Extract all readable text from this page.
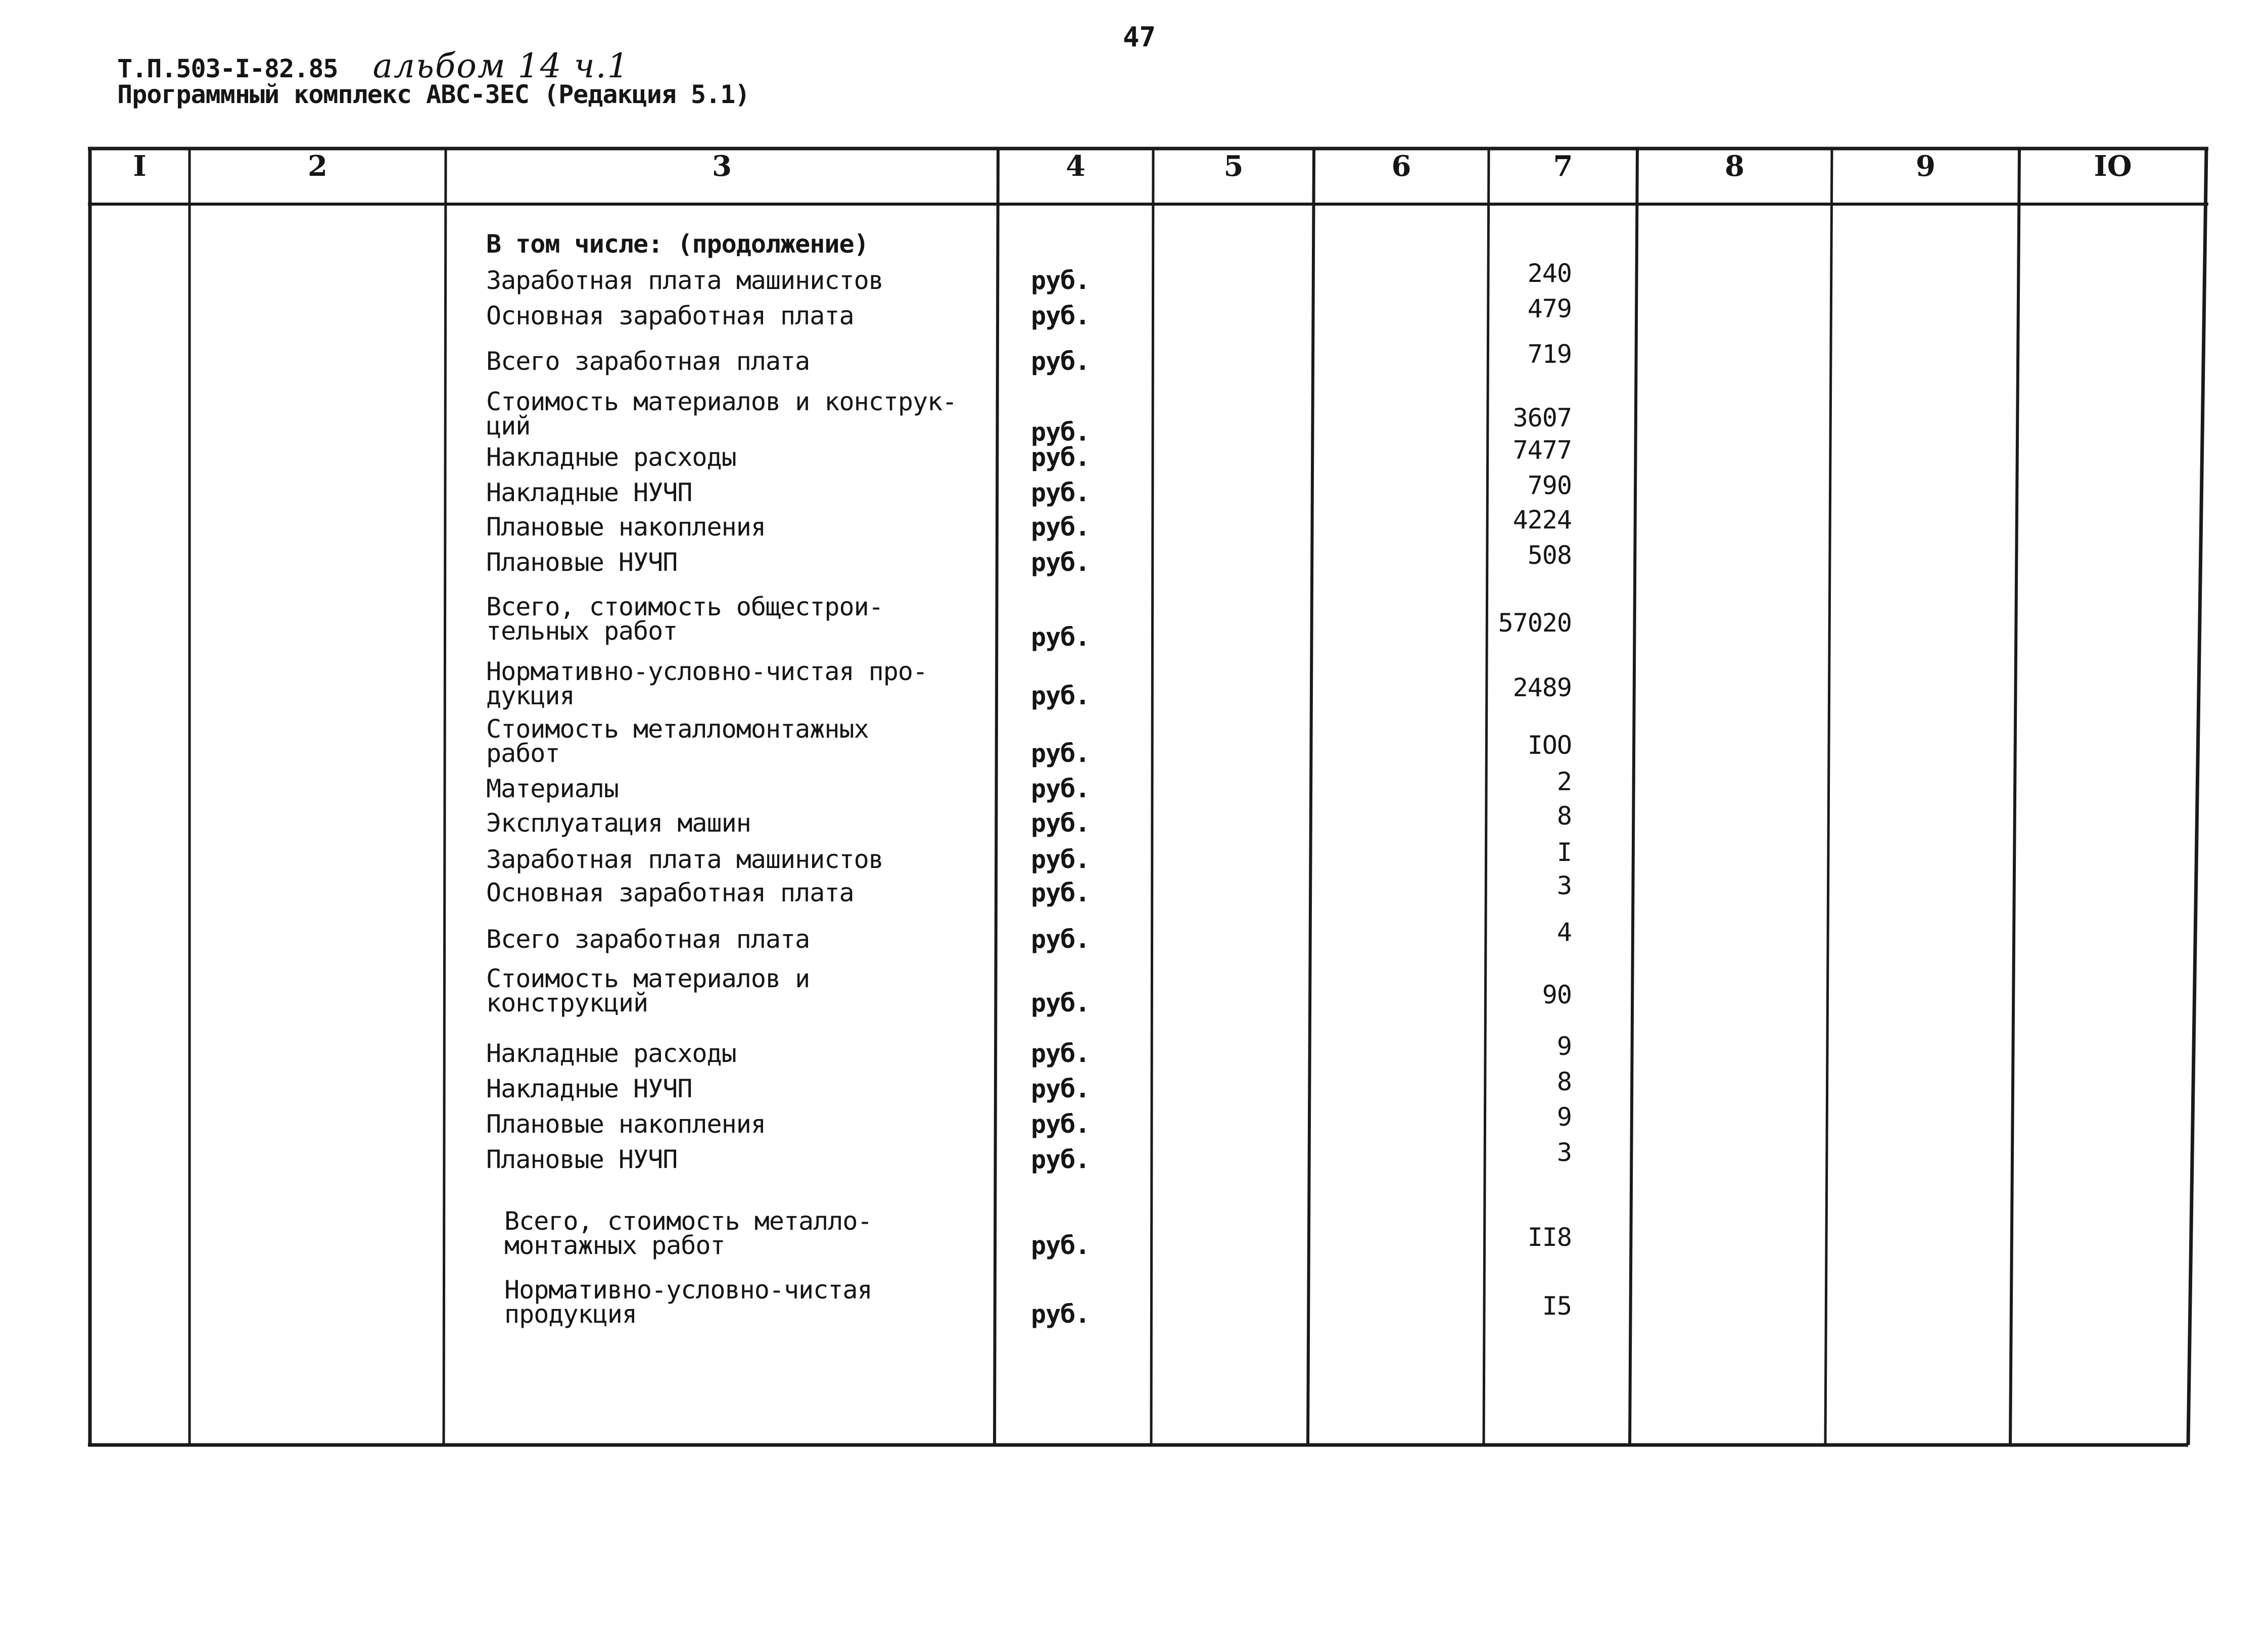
Т.П.503-I-82.85 альбом 14 ч.1
Программный комплекс АВС-3ЕС (Редакция 5.1)
47
I	2	3	4	5	6	7	8	9	IO
В том числе: (продолжение)
Заработная плата машинистов	руб.	240
Основная заработная плата	руб.	479
Всего заработная плата	руб.	719
Стоимость материалов и конструк-
ций	руб.	3607
Накладные расходы	руб.	7477
Накладные НУЧП	руб.	790
Плановые накопления	руб.	4224
Плановые НУЧП	руб.	508
Всего, стоимость общестрои-
тельных работ	руб.	57020
Нормативно-условно-чистая про-
дукция	руб.	2489
Стоимость металломонтажных
работ	руб.	IOO
Материалы	руб.	2
Эксплуатация машин	руб.	8
Заработная плата машинистов	руб.	I
Основная заработная плата	руб.	3
Всего заработная плата	руб.	4
Стоимость материалов и
конструкций	руб.	90
Накладные расходы	руб.	9
Накладные НУЧП	руб.	8
Плановые накопления	руб.	9
Плановые НУЧП	руб.	3
Всего, стоимость металло-
монтажных работ	руб.	II8
Нормативно-условно-чистая
продукция	руб.	I5
